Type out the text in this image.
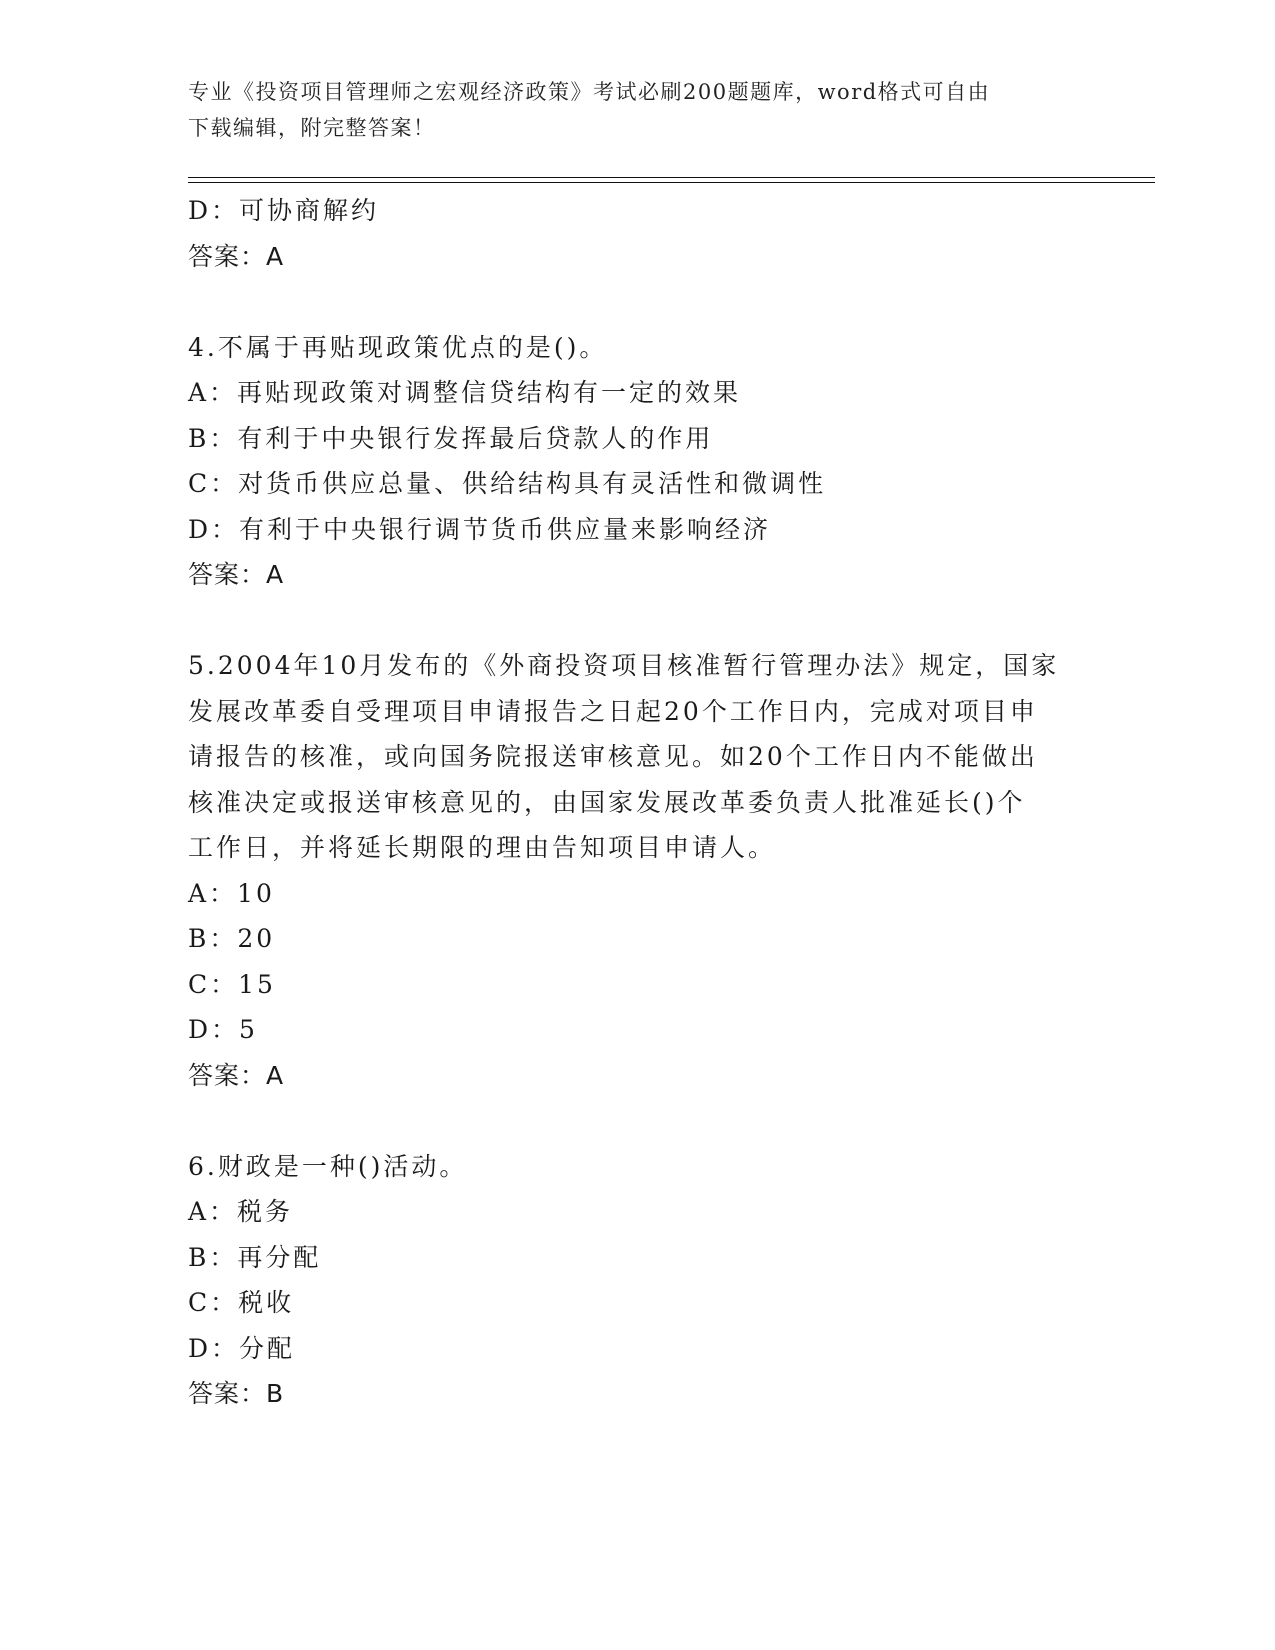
专业《投资项目管理师之宏观经济政策》考试必刷200题题库，word格式可自由
下载编辑，附完整答案！
D：可协商解约
答案：A
4.不属于再贴现政策优点的是()。
A：再贴现政策对调整信贷结构有一定的效果
B：有利于中央银行发挥最后贷款人的作用
C：对货币供应总量、供给结构具有灵活性和微调性
D：有利于中央银行调节货币供应量来影响经济
答案：A
5.2004年10月发布的《外商投资项目核准暂行管理办法》规定，国家
发展改革委自受理项目申请报告之日起20个工作日内，完成对项目申
请报告的核准，或向国务院报送审核意见。如20个工作日内不能做出
核准决定或报送审核意见的，由国家发展改革委负责人批准延长()个
工作日，并将延长期限的理由告知项目申请人。
A：10
B：20
C：15
D：5
答案：A
6.财政是一种()活动。
A：税务
B：再分配
C：税收
D：分配
答案：B
